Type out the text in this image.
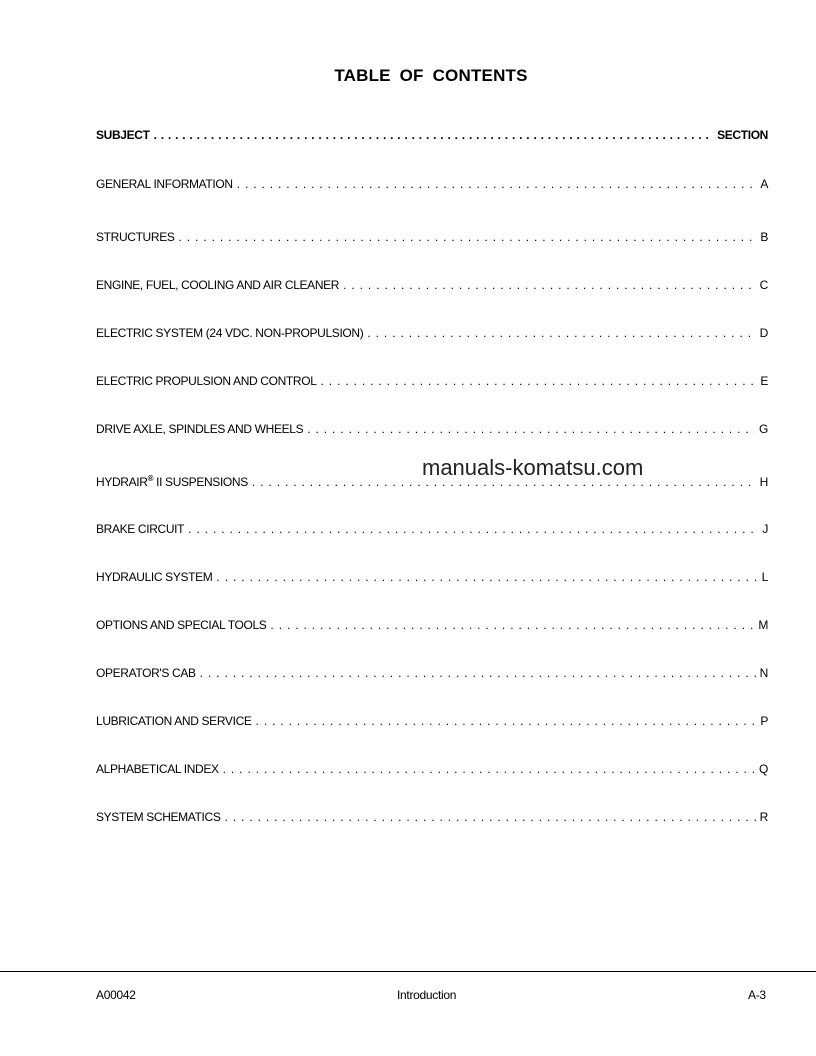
TABLE OF CONTENTS
SUBJECT . . .	SECTION
GENERAL INFORMATION . . .	A
STRUCTURES . . .	B
ENGINE, FUEL, COOLING AND AIR CLEANER . . .	C
ELECTRIC SYSTEM (24 VDC. NON-PROPULSION) . . .	D
ELECTRIC PROPULSION AND CONTROL . . .	E
DRIVE AXLE, SPINDLES AND WHEELS . . .	G
HYDRAIR® II SUSPENSIONS . . .	H
BRAKE CIRCUIT . . .	J
HYDRAULIC SYSTEM . . .	L
OPTIONS AND SPECIAL TOOLS . . .	M
OPERATOR'S CAB . . .	N
LUBRICATION AND SERVICE . . .	P
ALPHABETICAL INDEX . . .	Q
SYSTEM SCHEMATICS . . .	R
manuals-komatsu.com
A00042	Introduction	A-3
